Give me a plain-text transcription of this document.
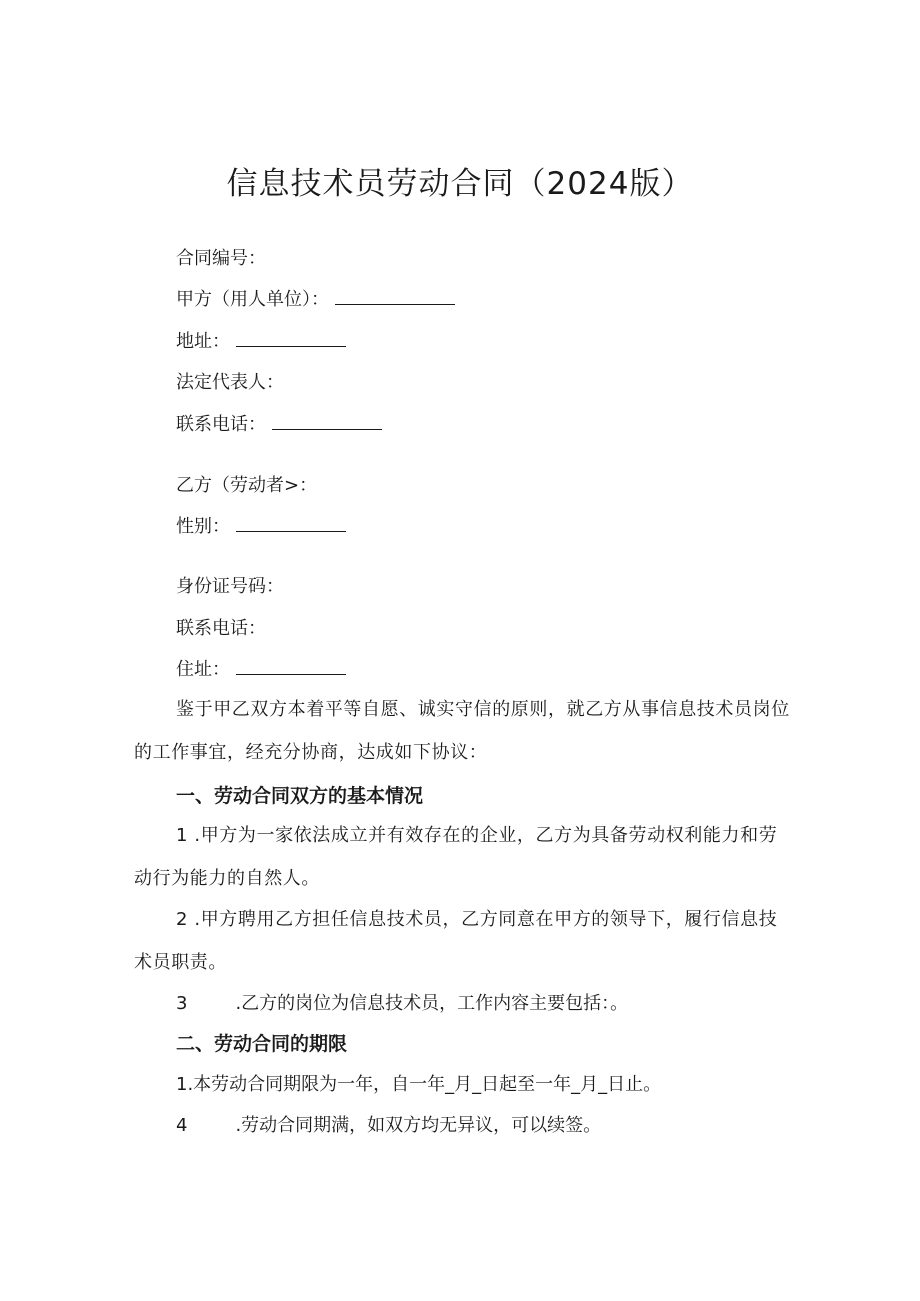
信息技术员劳动合同（2024版）
合同编号：
甲方（用人单位）：
地址：
法定代表人：
联系电话：
乙方（劳动者>：
性别：
身份证号码：
联系电话：
住址：
鉴于甲乙双方本着平等自愿、诚实守信的原则，就乙方从事信息技术员岗位的工作事宜，经充分协商，达成如下协议：
一、劳动合同双方的基本情况
1 .甲方为一家依法成立并有效存在的企业，乙方为具备劳动权利能力和劳动行为能力的自然人。
2 .甲方聘用乙方担任信息技术员，乙方同意在甲方的领导下，履行信息技术员职责。
3	.乙方的岗位为信息技术员，工作内容主要包括：。
二、劳动合同的期限
1.本劳动合同期限为一年，自一年_月_日起至一年_月_日止。
4	.劳动合同期满，如双方均无异议，可以续签。
